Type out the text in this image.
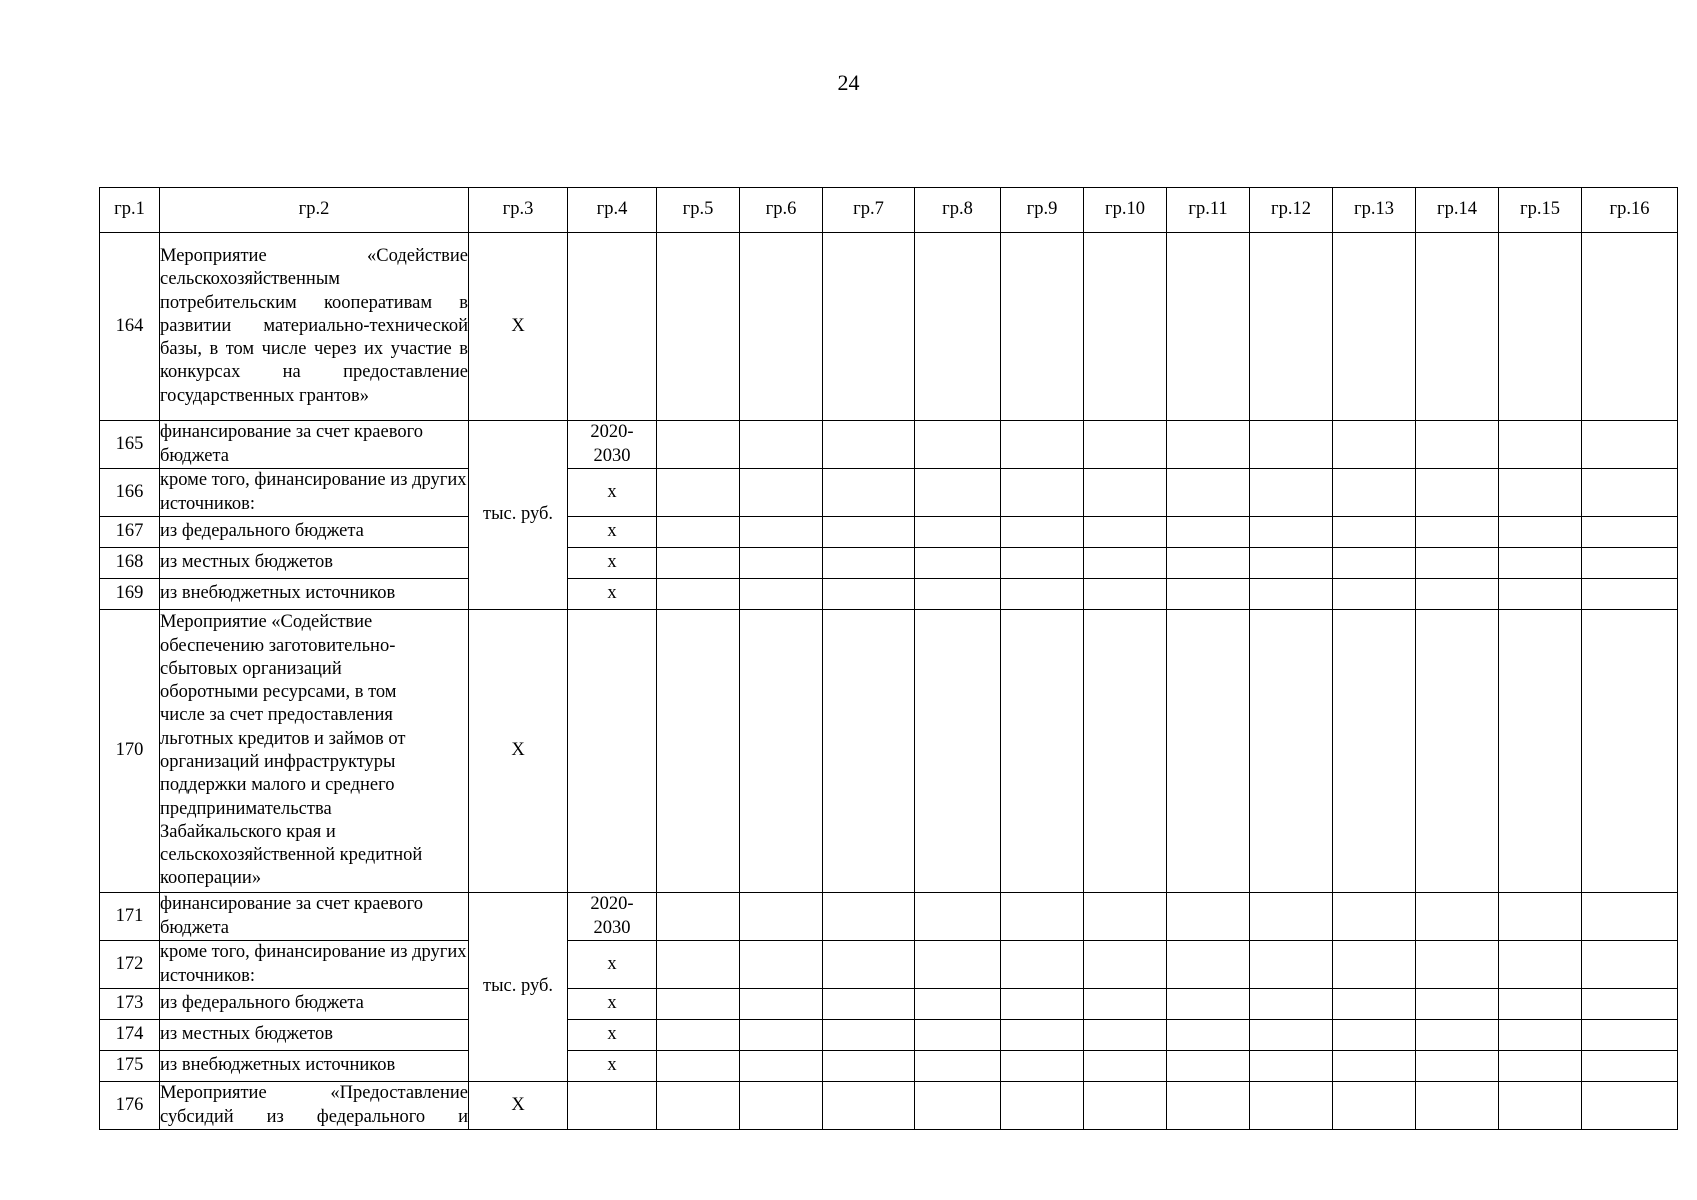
24
гр.1	гр.2	гр.3	гр.4	гр.5	гр.6	гр.7	гр.8	гр.9	гр.10	гр.11	гр.12	гр.13	гр.14	гр.15	гр.16
164	Мероприятие «Содействие сельскохозяйственным потребительским кооперативам в развитии материально-технической базы, в том числе через их участие в конкурсах на предоставление государственных грантов»	Х													
165	финансирование за счет краевого бюджета	тыс. руб.	2020-2030												
166	кроме того, финансирование из других источников:		х												
167	из федерального бюджета		х												
168	из местных бюджетов		х												
169	из внебюджетных источников		х												
170	Мероприятие «Содействие обеспечению заготовительно-сбытовых организаций оборотными ресурсами, в том числе за счет предоставления льготных кредитов и займов от организаций инфраструктуры поддержки малого и среднего предпринимательства Забайкальского края и сельскохозяйственной кредитной кооперации»	Х													
171	финансирование за счет краевого бюджета	тыс. руб.	2020-2030												
172	кроме того, финансирование из других источников:		х												
173	из федерального бюджета		х												
174	из местных бюджетов		х												
175	из внебюджетных источников		х												
176	Мероприятие «Предоставление субсидий из федерального и	Х													
